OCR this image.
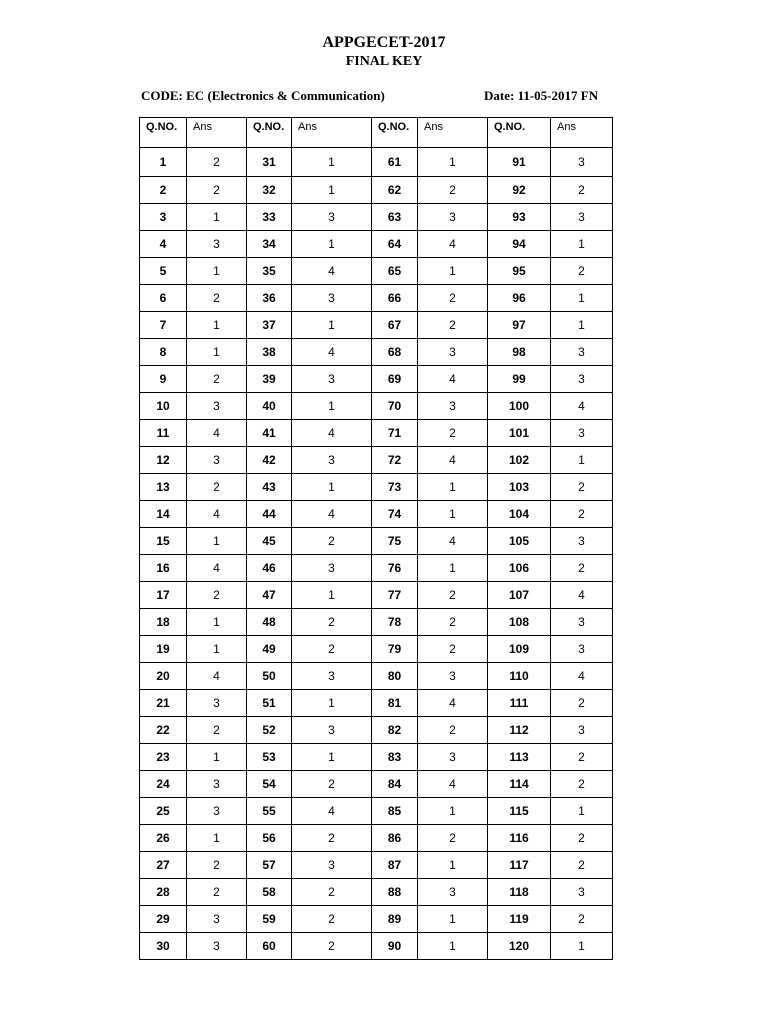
APPGECET-2017
FINAL KEY
CODE: EC (Electronics & Communication)	Date: 11-05-2017 FN
Q.NO.	Ans	Q.NO.	Ans	Q.NO.	Ans	Q.NO.	Ans
1	2	31	1	61	1	91	3
2	2	32	1	62	2	92	2
3	1	33	3	63	3	93	3
4	3	34	1	64	4	94	1
5	1	35	4	65	1	95	2
6	2	36	3	66	2	96	1
7	1	37	1	67	2	97	1
8	1	38	4	68	3	98	3
9	2	39	3	69	4	99	3
10	3	40	1	70	3	100	4
11	4	41	4	71	2	101	3
12	3	42	3	72	4	102	1
13	2	43	1	73	1	103	2
14	4	44	4	74	1	104	2
15	1	45	2	75	4	105	3
16	4	46	3	76	1	106	2
17	2	47	1	77	2	107	4
18	1	48	2	78	2	108	3
19	1	49	2	79	2	109	3
20	4	50	3	80	3	110	4
21	3	51	1	81	4	111	2
22	2	52	3	82	2	112	3
23	1	53	1	83	3	113	2
24	3	54	2	84	4	114	2
25	3	55	4	85	1	115	1
26	1	56	2	86	2	116	2
27	2	57	3	87	1	117	2
28	2	58	2	88	3	118	3
29	3	59	2	89	1	119	2
30	3	60	2	90	1	120	1
